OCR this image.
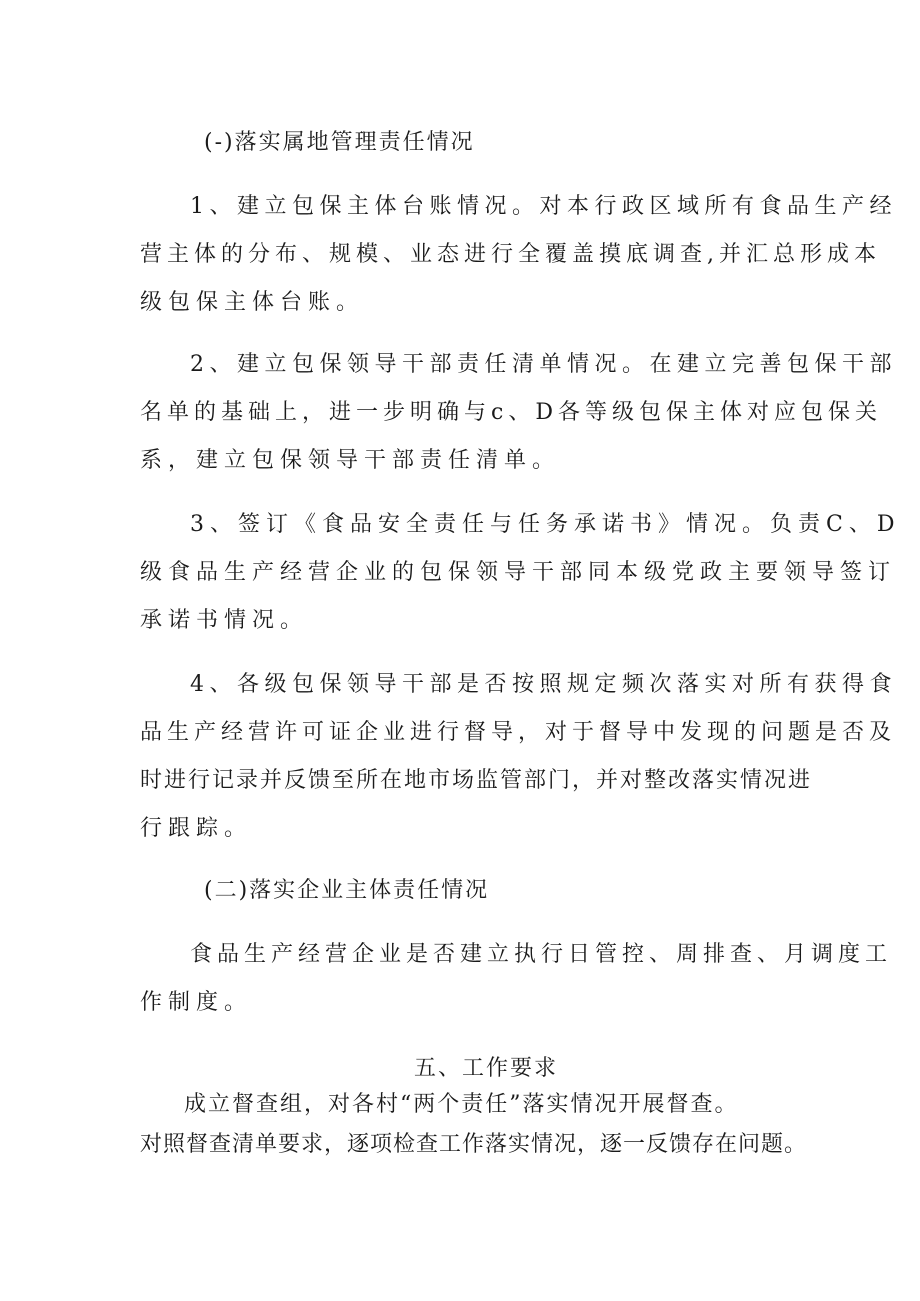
(-)落实属地管理责任情况
1、建立包保主体台账情况。对本行政区域所有食品生产经
营主体的分布、规模、业态进行全覆盖摸底调查,并汇总形成本
级包保主体台账。
2、建立包保领导干部责任清单情况。在建立完善包保干部
名单的基础上，进一步明确与c、D各等级包保主体对应包保关
系，建立包保领导干部责任清单。
3、签订《食品安全责任与任务承诺书》情况。负责C、D
级食品生产经营企业的包保领导干部同本级党政主要领导签订
承诺书情况。
4、各级包保领导干部是否按照规定频次落实对所有获得食
品生产经营许可证企业进行督导，对于督导中发现的问题是否及
时进行记录并反馈至所在地市场监管部门，并对整改落实情况进
行跟踪。
(二)落实企业主体责任情况
食品生产经营企业是否建立执行日管控、周排查、月调度工
作制度。
五、工作要求
成立督查组，对各村“两个责任”落实情况开展督查。
对照督查清单要求，逐项检查工作落实情况，逐一反馈存在问题。
